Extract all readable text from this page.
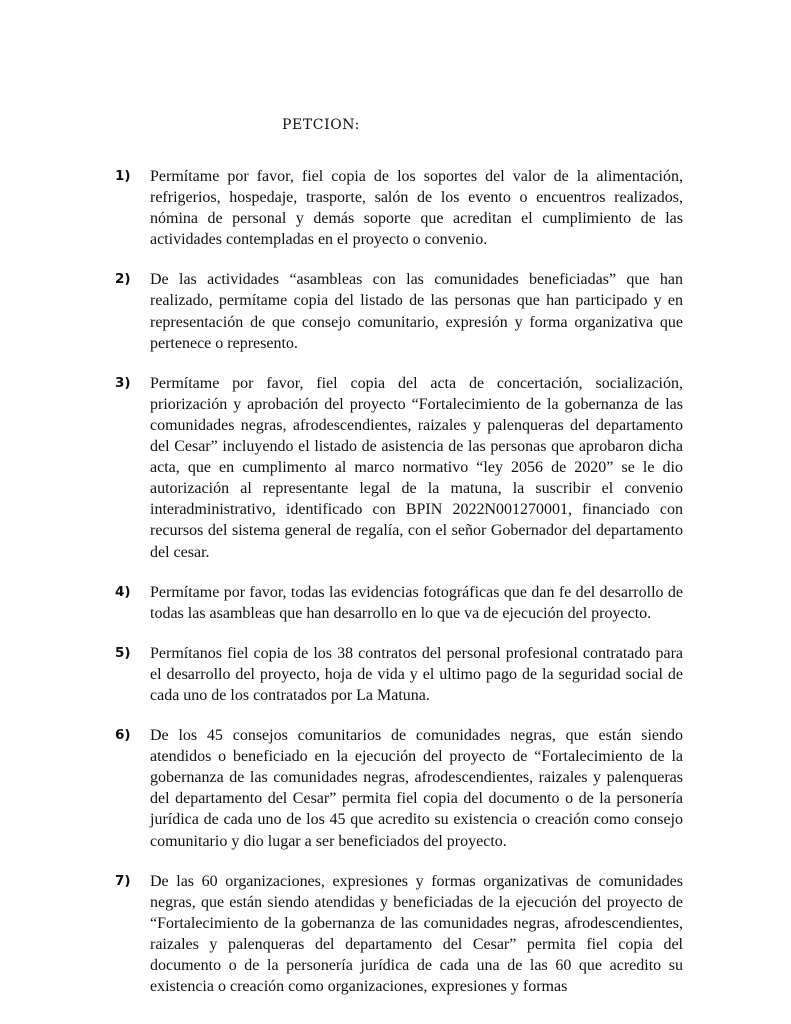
PETCION:
1) Permítame por favor, fiel copia de los soportes del valor de la alimentación, refrigerios, hospedaje, trasporte, salón de los evento o encuentros realizados, nómina de personal y demás soporte que acreditan el cumplimiento de las actividades contempladas en el proyecto o convenio.
2) De las actividades “asambleas con las comunidades beneficiadas” que han realizado, permítame copia del listado de las personas que han participado y en representación de que consejo comunitario, expresión y forma organizativa que pertenece o represento.
3) Permítame por favor, fiel copia del acta de concertación, socialización, priorización y aprobación del proyecto “Fortalecimiento de la gobernanza de las comunidades negras, afrodescendientes, raizales y palenqueras del departamento del Cesar” incluyendo el listado de asistencia de las personas que aprobaron dicha acta, que en cumplimento al marco normativo “ley 2056 de 2020” se le dio autorización al representante legal de la matuna, la suscribir el convenio interadministrativo, identificado con BPIN 2022N001270001, financiado con recursos del sistema general de regalía, con el señor Gobernador del departamento del cesar.
4) Permítame por favor, todas las evidencias fotográficas que dan fe del desarrollo de todas las asambleas que han desarrollo en lo que va de ejecución del proyecto.
5) Permítanos fiel copia de los 38 contratos del personal profesional contratado para el desarrollo del proyecto, hoja de vida y el ultimo pago de la seguridad social de cada uno de los contratados por La Matuna.
6) De los 45 consejos comunitarios de comunidades negras, que están siendo atendidos o beneficiado en la ejecución del proyecto de “Fortalecimiento de la gobernanza de las comunidades negras, afrodescendientes, raizales y palenqueras del departamento del Cesar” permita fiel copia del documento o de la personería jurídica de cada uno de los 45 que acredito su existencia o creación como consejo comunitario y dio lugar a ser beneficiados del proyecto.
7) De las 60 organizaciones, expresiones y formas organizativas de comunidades negras, que están siendo atendidas y beneficiadas de la ejecución del proyecto de “Fortalecimiento de la gobernanza de las comunidades negras, afrodescendientes, raizales y palenqueras del departamento del Cesar” permita fiel copia del documento o de la personería jurídica de cada una de las 60 que acredito su existencia o creación como organizaciones, expresiones y formas
